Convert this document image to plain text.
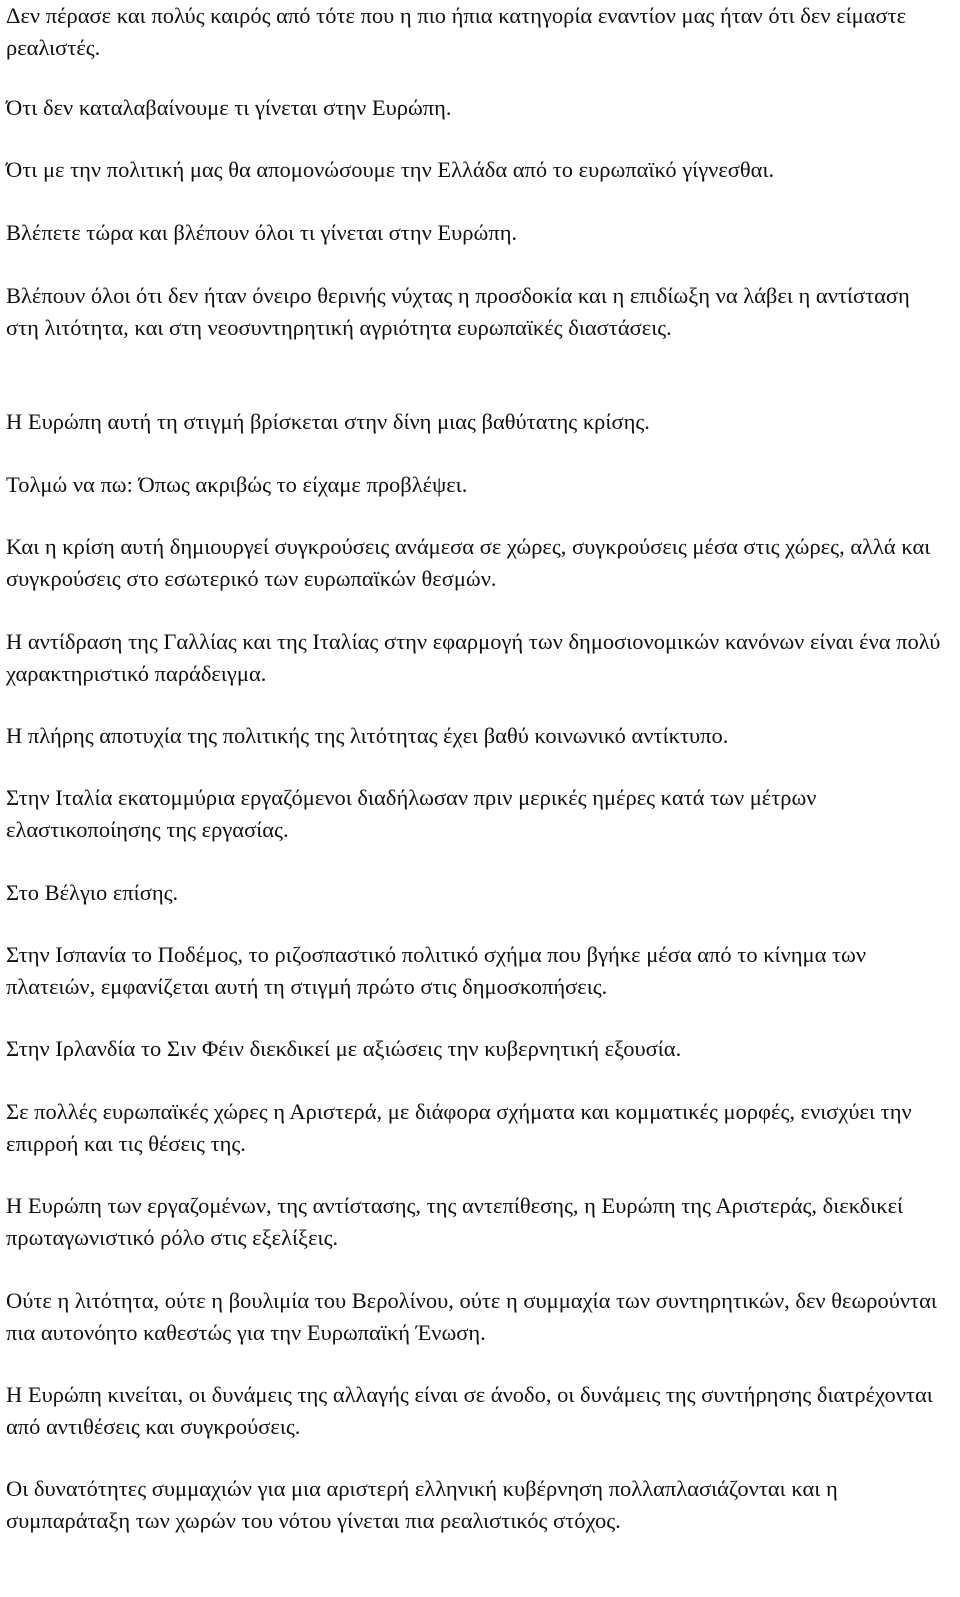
Δεν πέρασε και πολύς καιρός από τότε που η πιο ήπια κατηγορία εναντίον μας ήταν ότι δεν είμαστε ρεαλιστές.

Ότι δεν καταλαβαίνουμε τι γίνεται στην Ευρώπη.

Ότι με την πολιτική μας θα απομονώσουμε την Ελλάδα από το ευρωπαϊκό γίγνεσθαι.

Βλέπετε τώρα και βλέπουν όλοι τι γίνεται στην Ευρώπη.

Βλέπουν όλοι ότι δεν ήταν όνειρο θερινής νύχτας η προσδοκία και η επιδίωξη να λάβει η αντίσταση στη λιτότητα, και στη νεοσυντηρητική αγριότητα ευρωπαϊκές διαστάσεις.

Η Ευρώπη αυτή τη στιγμή βρίσκεται στην δίνη μιας βαθύτατης κρίσης.

Τολμώ να πω: Όπως ακριβώς το είχαμε προβλέψει.

Και η κρίση αυτή δημιουργεί συγκρούσεις ανάμεσα σε χώρες, συγκρούσεις μέσα στις χώρες, αλλά και συγκρούσεις στο εσωτερικό των ευρωπαϊκών θεσμών.

Η αντίδραση της Γαλλίας και της Ιταλίας στην εφαρμογή των δημοσιονομικών κανόνων είναι ένα πολύ χαρακτηριστικό παράδειγμα.

Η πλήρης αποτυχία της πολιτικής της λιτότητας έχει βαθύ κοινωνικό αντίκτυπο.

Στην Ιταλία εκατομμύρια εργαζόμενοι διαδήλωσαν πριν μερικές ημέρες κατά των μέτρων ελαστικοποίησης της εργασίας.

Στο Βέλγιο επίσης.

Στην Ισπανία το Ποδέμος, το ριζοσπαστικό πολιτικό σχήμα που βγήκε μέσα από το κίνημα των πλατειών, εμφανίζεται αυτή τη στιγμή πρώτο στις δημοσκοπήσεις.

Στην Ιρλανδία το Σιν Φέιν διεκδικεί με αξιώσεις την κυβερνητική εξουσία.

Σε πολλές ευρωπαϊκές χώρες η Αριστερά, με διάφορα σχήματα και κομματικές μορφές, ενισχύει την επιρροή και τις θέσεις της.

Η Ευρώπη των εργαζομένων, της αντίστασης, της αντεπίθεσης, η Ευρώπη της Αριστεράς, διεκδικεί πρωταγωνιστικό ρόλο στις εξελίξεις.

Ούτε η λιτότητα, ούτε η βουλιμία του Βερολίνου, ούτε η συμμαχία των συντηρητικών, δεν θεωρούνται πια αυτονόητο καθεστώς για την Ευρωπαϊκή Ένωση.

Η Ευρώπη κινείται, οι δυνάμεις της αλλαγής είναι σε άνοδο, οι δυνάμεις της συντήρησης διατρέχονται από αντιθέσεις και συγκρούσεις.

Οι δυνατότητες συμμαχιών για μια αριστερή ελληνική κυβέρνηση πολλαπλασιάζονται και η συμπαράταξη των χωρών του νότου γίνεται πια ρεαλιστικός στόχος.
